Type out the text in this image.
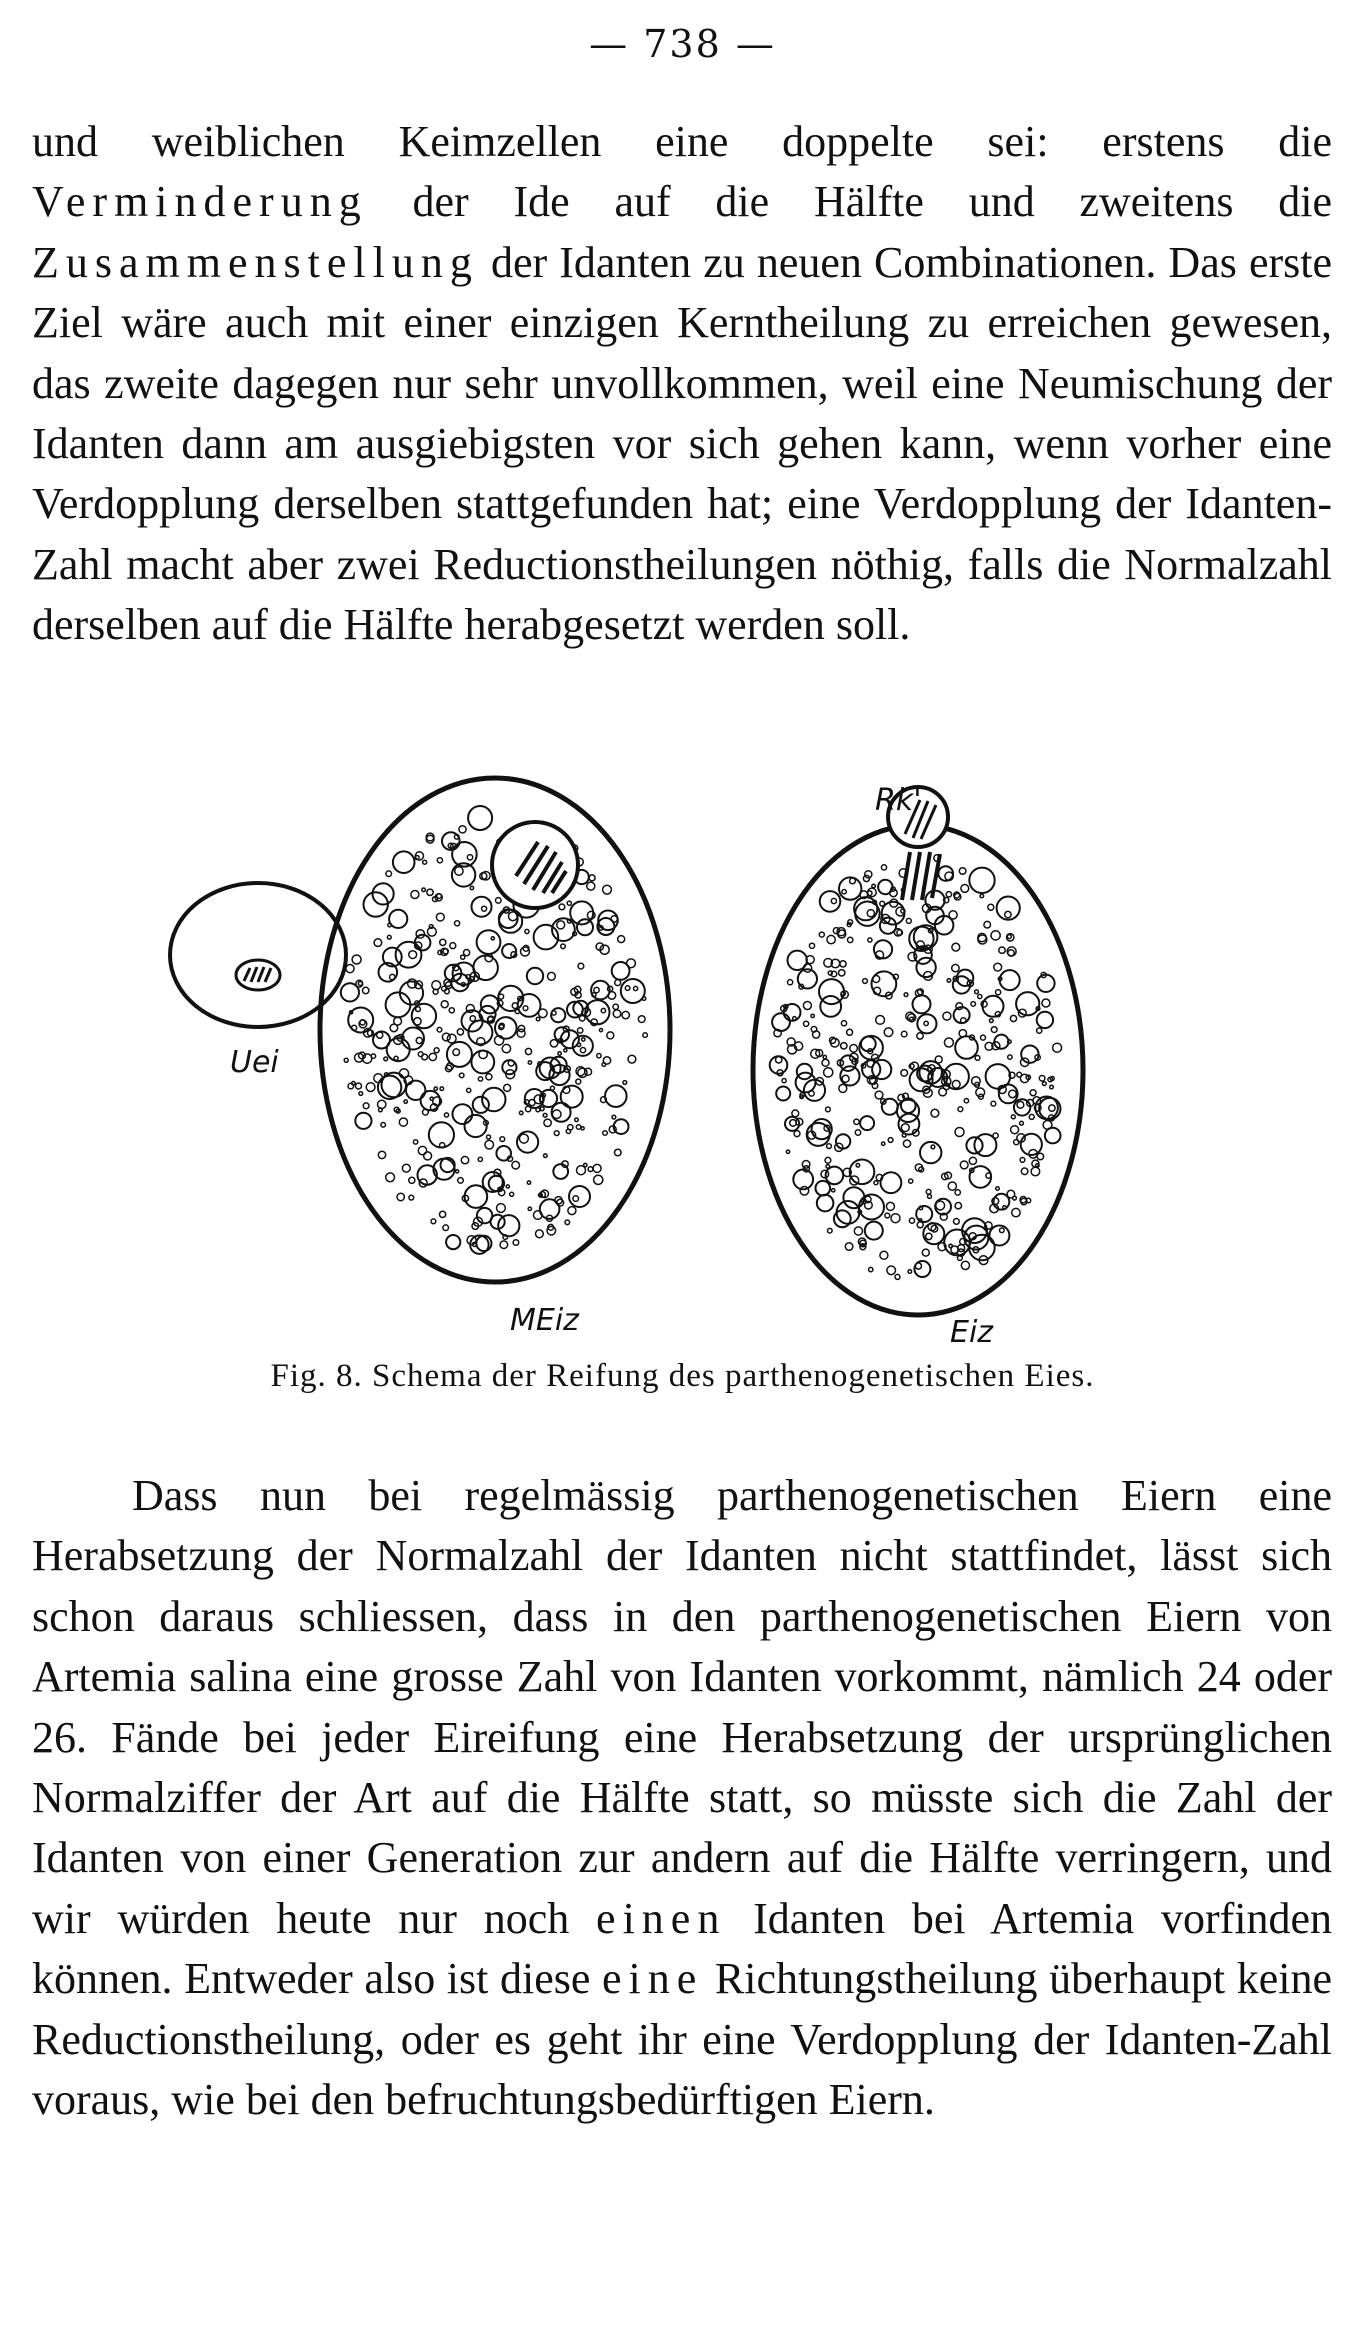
— 738 —

und weiblichen Keimzellen eine doppelte sei: erstens die Verminderung der Ide auf die Hälfte und zweitens die Zusammenstellung der Idanten zu neuen Combinationen. Das erste Ziel wäre auch mit einer einzigen Kerntheilung zu erreichen gewesen, das zweite dagegen nur sehr unvollkommen, weil eine Neumischung der Idanten dann am ausgiebigsten vor sich gehen kann, wenn vorher eine Verdopplung derselben stattgefunden hat; eine Verdopplung der Idanten-Zahl macht aber zwei Reductionstheilungen nöthig, falls die Normalzahl derselben auf die Hälfte herabgesetzt werden soll.

Uei
MEiz
Rk'
Eiz
Fig. 8. Schema der Reifung des parthenogenetischen Eies.

Dass nun bei regelmässig parthenogenetischen Eiern eine Herabsetzung der Normalzahl der Idanten nicht stattfindet, lässt sich schon daraus schliessen, dass in den parthenogenetischen Eiern von Artemia salina eine grosse Zahl von Idanten vorkommt, nämlich 24 oder 26. Fände bei jeder Eireifung eine Herabsetzung der ursprünglichen Normalziffer der Art auf die Hälfte statt, so müsste sich die Zahl der Idanten von einer Generation zur andern auf die Hälfte verringern, und wir würden heute nur noch einen Idanten bei Artemia vorfinden können. Entweder also ist diese eine Richtungstheilung überhaupt keine Reductionstheilung, oder es geht ihr eine Verdopplung der Idanten-Zahl voraus, wie bei den befruchtungsbedürftigen Eiern.
